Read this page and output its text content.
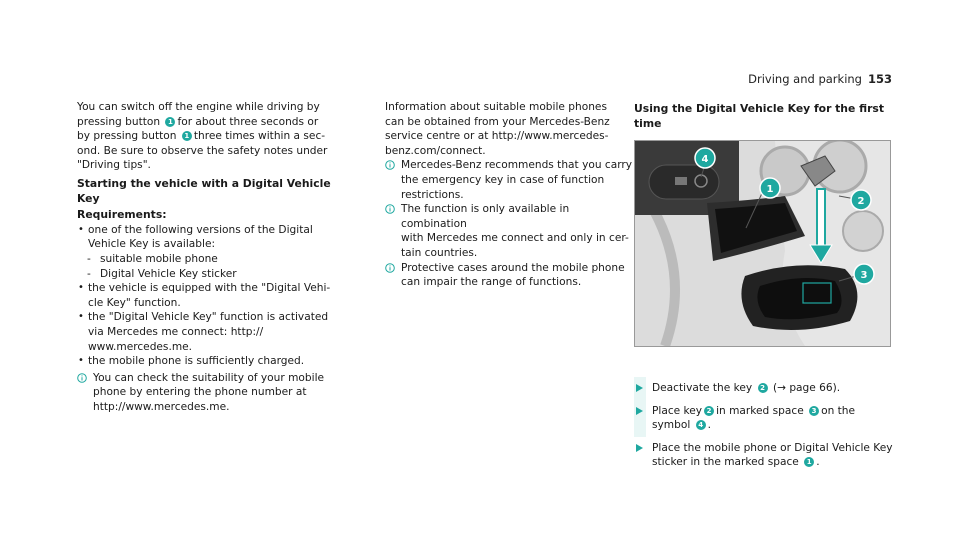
Driving and parking 153

You can switch off the engine while driving by
pressing button 1 for about three seconds or
by pressing button 1 three times within a sec-
ond. Be sure to observe the safety notes under
"Driving tips".

Starting the vehicle with a Digital Vehicle Key

Requirements:

• one of the following versions of the Digital
Vehicle Key is available:

- suitable mobile phone

- Digital Vehicle Key sticker

• the vehicle is equipped with the "Digital Vehi-
cle Key" function.

• the "Digital Vehicle Key" function is activated
via Mercedes me connect: http://
www.mercedes.me.

• the mobile phone is sufficiently charged.

You can check the suitability of your mobile
phone by entering the phone number at
http://www.mercedes.me.

Information about suitable mobile phones
can be obtained from your Mercedes-Benz
service centre or at http://www.mercedes-
benz.com/connect.

Mercedes-Benz recommends that you carry
the emergency key in case of function
restrictions.

The function is only available in combination
with Mercedes me connect and only in cer-
tain countries.

Protective cases around the mobile phone
can impair the range of functions.

Using the Digital Vehicle Key for the first
time

1
2
3
4

Deactivate the key 2 (→ page 66).

Place key 2 in marked space 3 on the
symbol 4 .

Place the mobile phone or Digital Vehicle Key
sticker in the marked space 1 .
